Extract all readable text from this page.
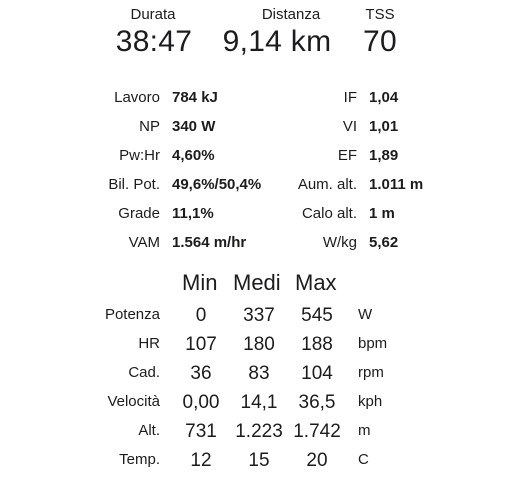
Durata
38:47
Distanza
9,14 km
TSS
70
Lavoro 784 kJ	IF 1,04
NP 340 W	VI 1,01
Pw:Hr 4,60%	EF 1,89
Bil. Pot. 49,6%/50,4% Aum. alt. 1.011 m
Grade 11,1%	Calo alt. 1 m
VAM 1.564 m/hr	W/kg 5,62
Min Medi Max
Potenza	0	337	545	W
HR	107	180	188	bpm
Cad.	36	83	104	rpm
Velocità	0,00	14,1	36,5	kph
Alt.	731 1.223 1.742	m
Temp.	12	15	20	C
